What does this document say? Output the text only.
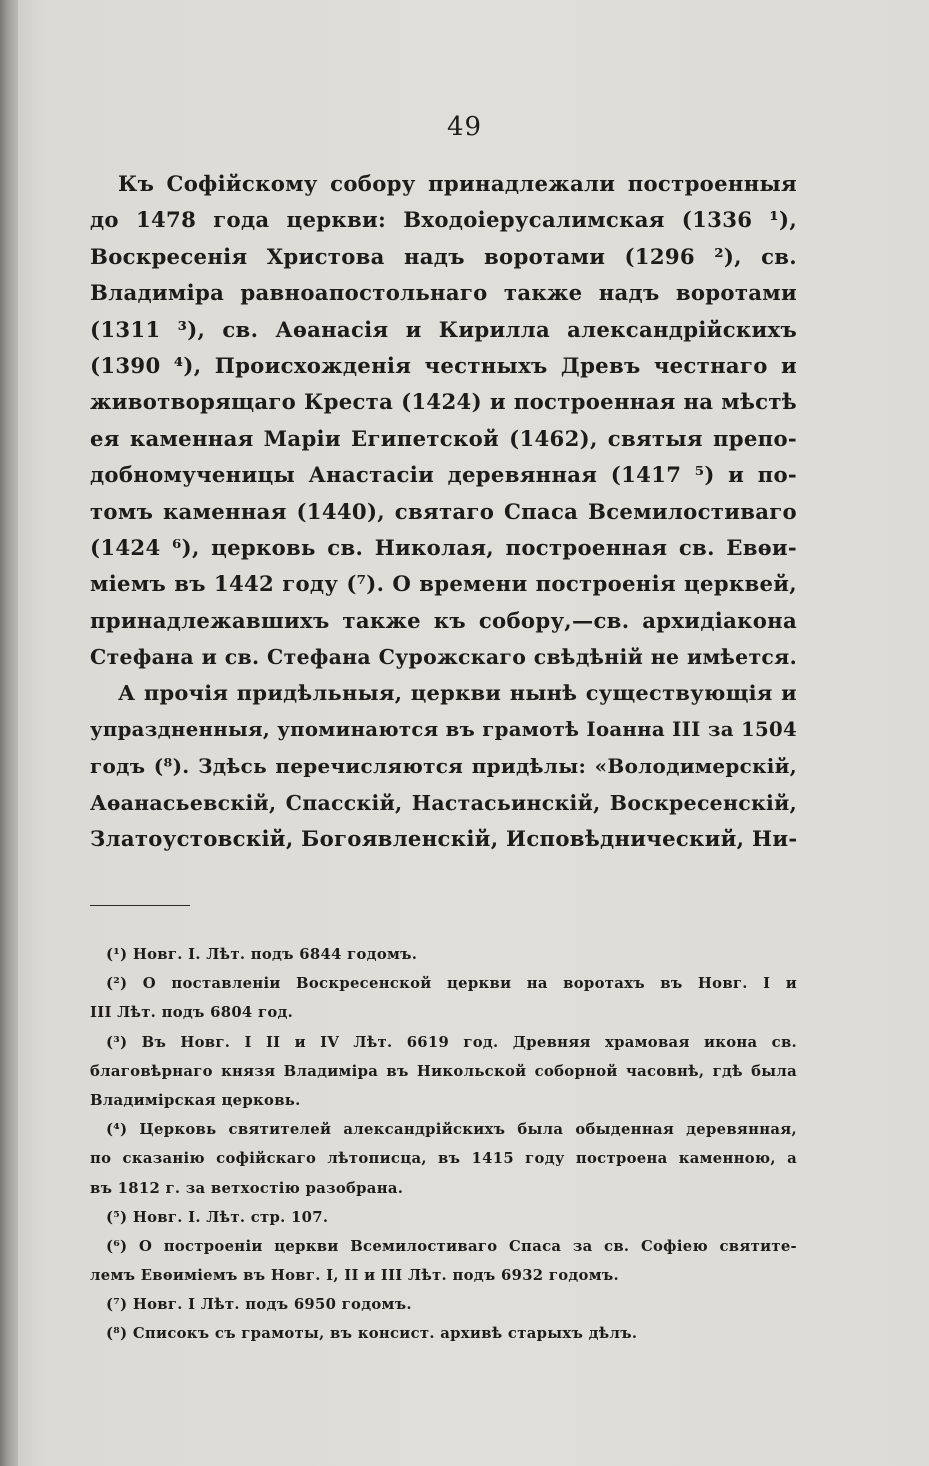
49
Къ Софійскому собору принадлежали построенныя
до 1478 года церкви: Входоіерусалимская (1336 ¹),
Воскресенія Христова надъ воротами (1296 ²), св.
Владиміра равноапостольнаго также надъ воротами
(1311 ³), св. Аѳанасія и Кирилла александрійскихъ
(1390 ⁴), Происхожденія честныхъ Древъ честнаго и
животворящаго Креста (1424) и построенная на мѣстѣ
ея каменная Маріи Египетской (1462), святыя препо-
добномученицы Анастасіи деревянная (1417 ⁵) и по-
томъ каменная (1440), святаго Спаса Всемилостиваго
(1424 ⁶), церковь св. Николая, построенная св. Евѳи-
міемъ въ 1442 году (⁷). О времени построенія церквей,
принадлежавшихъ также къ собору,—св. архидіакона
Стефана и св. Стефана Сурожскаго свѣдѣній не имѣется.
А прочія придѣльныя, церкви нынѣ существующія и
упраздненныя, упоминаются въ грамотѣ Іоанна III за 1504
годъ (⁸). Здѣсь перечисляются придѣлы: «Володимерскій,
Аѳанасьевскій, Спасскій, Настасьинскій, Воскресенскій,
Златоустовскій, Богоявленскій, Исповѣднический, Ни-
(¹) Новг. I. Лѣт. подъ 6844 годомъ.
(²) О поставленіи Воскресенской церкви на воротахъ въ Новг. I и
III Лѣт. подъ 6804 год.
(³) Въ Новг. I II и IV Лѣт. 6619 год. Древняя храмовая икона св.
благовѣрнаго князя Владиміра въ Никольской соборной часовнѣ, гдѣ была
Владимірская церковь.
(⁴) Церковь святителей александрійскихъ была обыденная деревянная,
по сказанію софійскаго лѣтописца, въ 1415 году построена каменною, а
въ 1812 г. за ветхостію разобрана.
(⁵) Новг. I. Лѣт. стр. 107.
(⁶) О построеніи церкви Всемилостиваго Спаса за св. Софіею святите-
лемъ Евѳиміемъ въ Новг. I, II и III Лѣт. подъ 6932 годомъ.
(⁷) Новг. I Лѣт. подъ 6950 годомъ.
(⁸) Списокъ съ грамоты, въ консист. архивѣ старыхъ дѣлъ.
